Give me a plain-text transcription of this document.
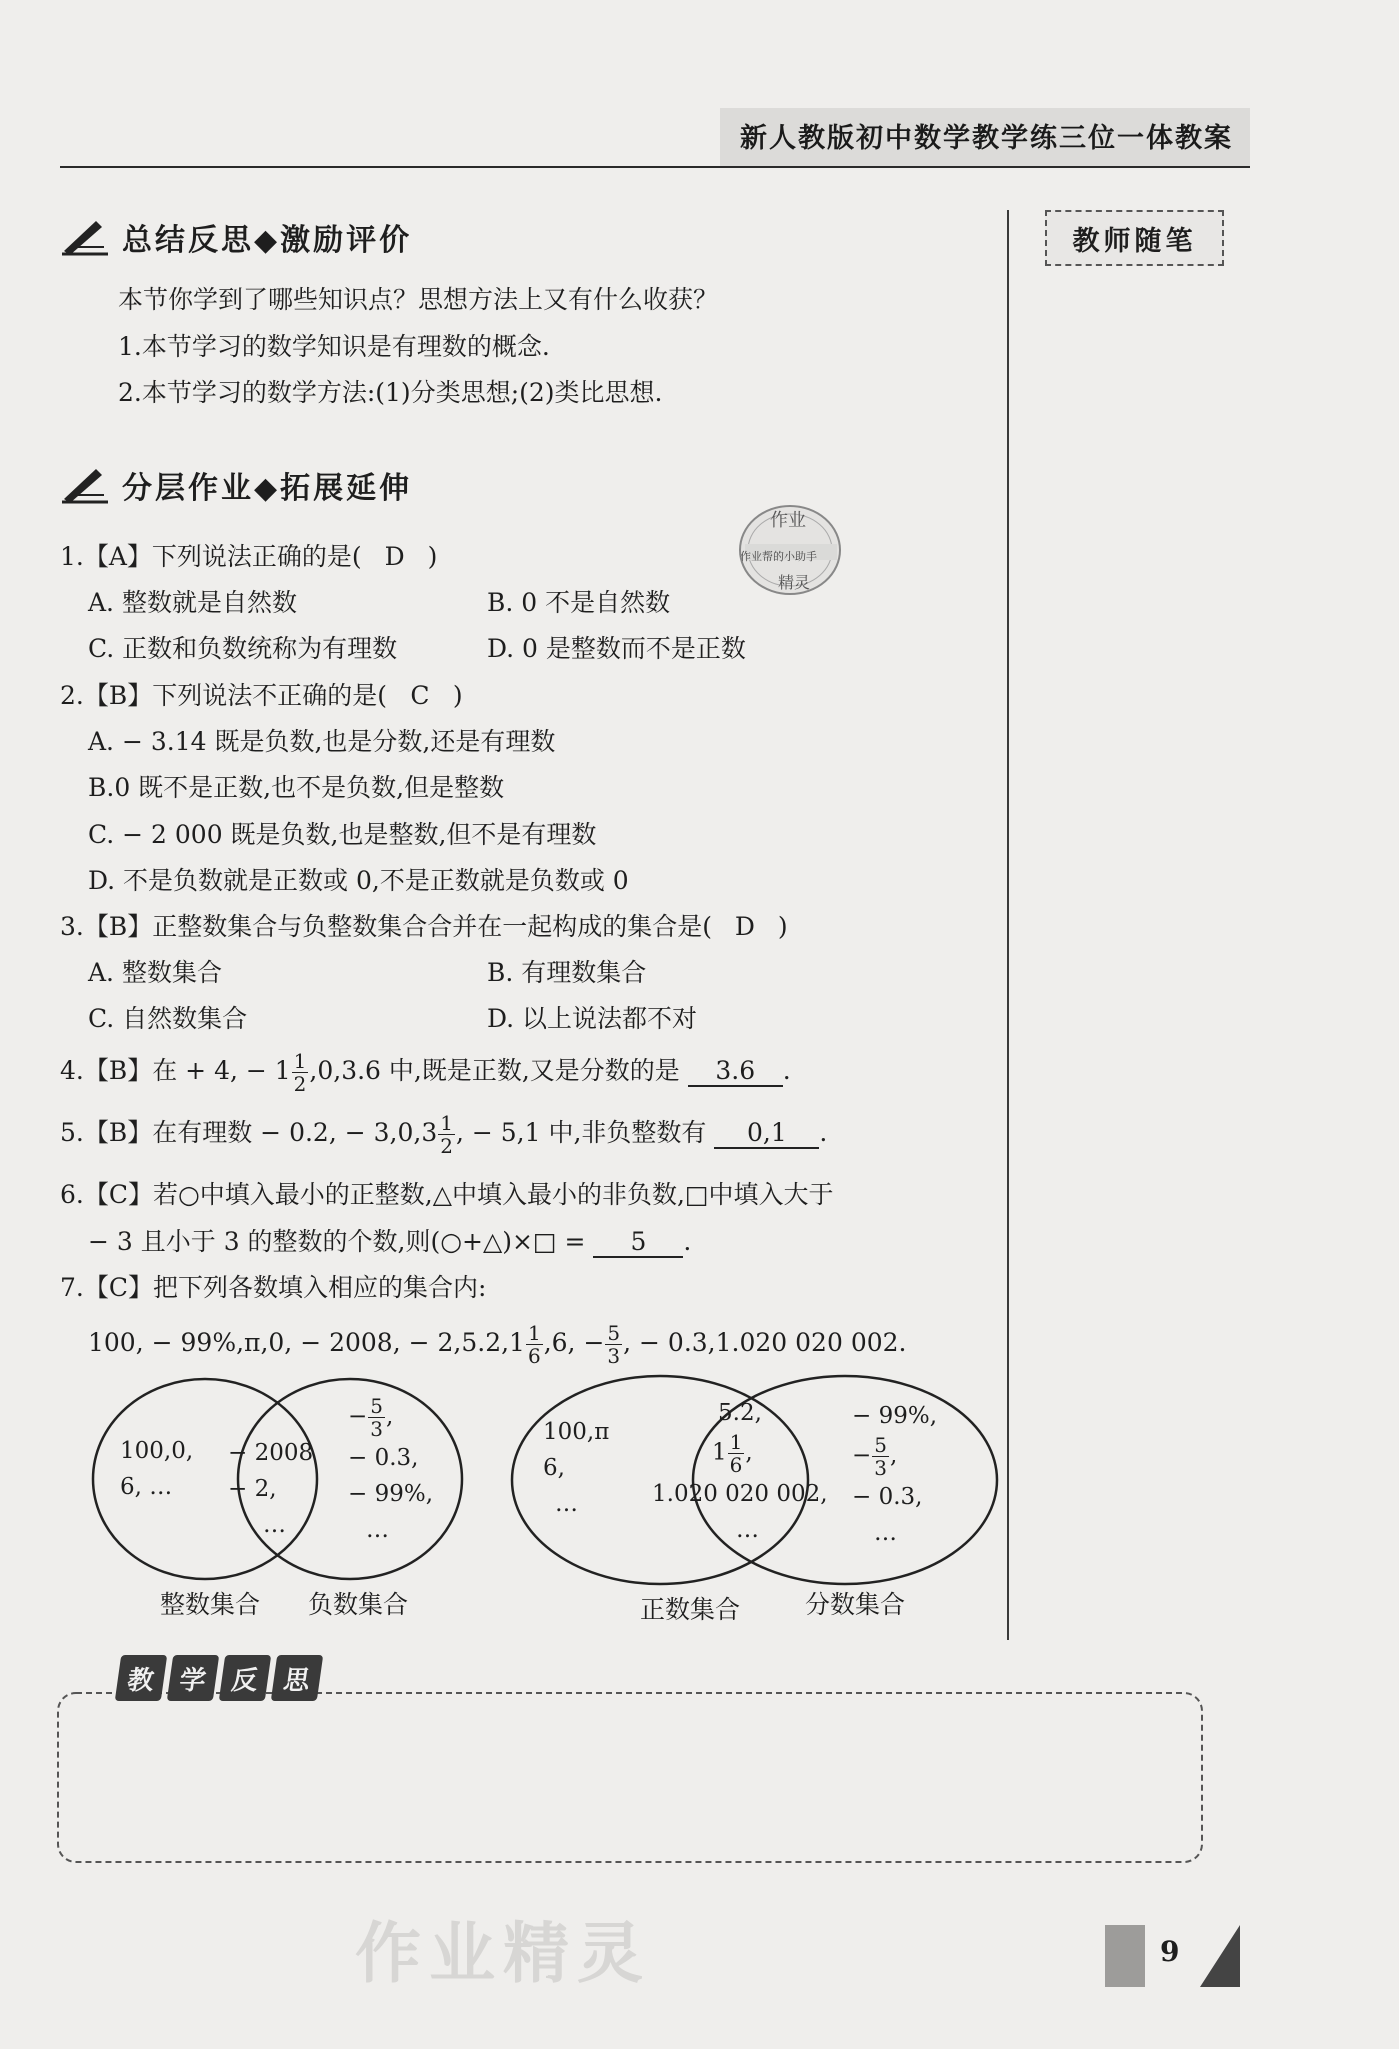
新人教版初中数学教学练三位一体教案
教师随笔
总结反思◆激励评价
本节你学到了哪些知识点？思想方法上又有什么收获？
1.本节学习的数学知识是有理数的概念.
2.本节学习的数学方法:(1)分类思想;(2)类比思想.
分层作业◆拓展延伸
作业
作业帮的小助手
精灵
1.【A】下列说法正确的是( D )
A. 整数就是自然数	B. 0 不是自然数
C. 正数和负数统称为有理数	D. 0 是整数而不是正数
2.【B】下列说法不正确的是( C )
A. − 3.14 既是负数,也是分数,还是有理数
B.0 既不是正数,也不是负数,但是整数
C. − 2 000 既是负数,也是整数,但不是有理数
D. 不是负数就是正数或 0,不是正数就是负数或 0
3.【B】正整数集合与负整数集合合并在一起构成的集合是( D )
A. 整数集合	B. 有理数集合
C. 自然数集合	D. 以上说法都不对
4.【B】在 + 4, − $1 \frac{1}{2} ,0,3.6$ 中,既是正数,又是分数的是 3.6 .
5.【B】在有理数 − 0.2, − $3,0,3 \frac{1}{2}$ , − 5,1 中,非负整数有 0,1 .
6.【C】若○中填入最小的正整数,△中填入最小的非负数,□中填入大于
− 3 且小于 3 的整数的个数,则(○+△)×□ = 5 .
7.【C】把下列各数填入相应的集合内:
100, − 99%,π,0, − 2008, − $2,5.2,1 \frac{1}{6} ,6$, − $\frac{5}{3}$ , − 0.3,1.020 020 002.
100,0,
6, …
− 2008
− 2,
…
− $\frac{5}{3}$ ,
− 0.3,
− 99%,
…
整数集合 负数集合
100,π
6,
…
5.2,
$1 \frac{1}{6}$ ,
1.020 020 002,
…
− 99%,
− $\frac{5}{3}$ ,
− 0.3,
…
正数集合	分数集合
教 学 反 思
作业精灵	9
